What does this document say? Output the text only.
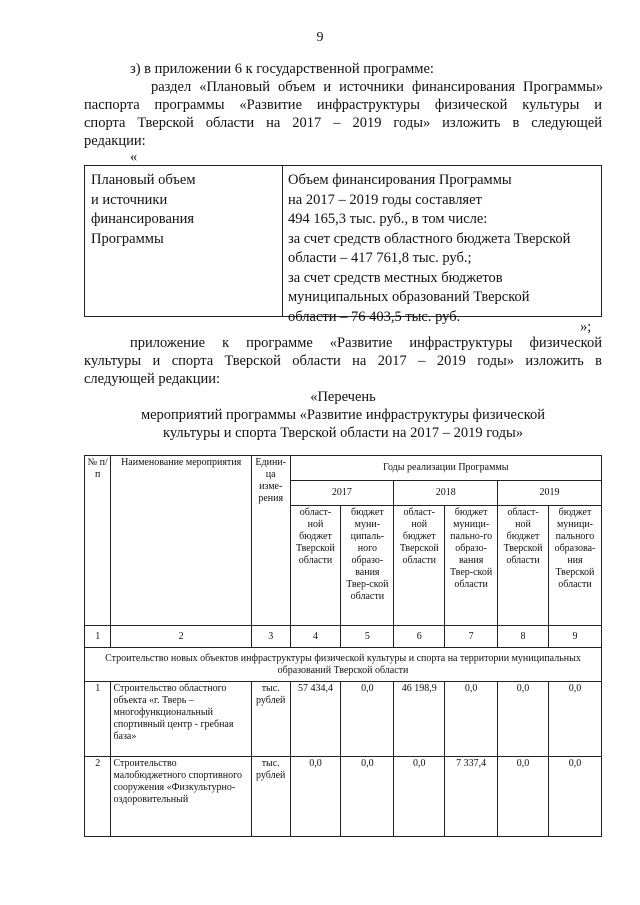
9
з) в приложении 6 к государственной программе:
раздел «Плановый объем и источники финансирования Программы»
паспорта программы «Развитие инфраструктуры физической культуры и
спорта Тверской области на 2017 – 2019 годы» изложить в следующей
редакции:
«
Плановый объем
и источники
финансирования
Программы
Объем финансирования Программы
на 2017 – 2019 годы составляет
494 165,3 тыс. руб., в том числе:
за счет средств областного бюджета Тверской
области – 417 761,8 тыс. руб.;
за счет средств местных бюджетов
муниципальных образований Тверской
области – 76 403,5 тыс. руб.
»;
приложение к программе «Развитие инфраструктуры физической
культуры и спорта Тверской области на 2017 – 2019 годы» изложить в
следующей редакции:
«Перечень
мероприятий программы «Развитие инфраструктуры физической
культуры и спорта Тверской области на 2017 – 2019 годы»
№ п/п	Наименование мероприятия	Едини-ца изме-рения	Годы реализации Программы					
			2017		2018		2019	
			област-ной бюджет Тверской области	бюджет муни-ципаль-ного образо-вания Твер-ской области	област-ной бюджет Тверской области	бюджет муници-пально-го образо-вания Твер-ской области	област-ной бюджет Тверской области	бюджет муници-пального образова-ния Тверской области
1	2	3	4	5	6	7	8	9
Строительство новых объектов инфраструктуры физической культуры и спорта на территории муниципальных образований Тверской области								
1	Строительство областного объекта «г. Тверь – многофункциональный спортивный центр - гребная база»	тыс. рублей	57 434,4	0,0	46 198,9	0,0	0,0	0,0
2	Строительство малобюджетного спортивного сооружения «Физкультурно-оздоровительный	тыс. рублей	0,0	0,0	0,0	7 337,4	0,0	0,0
